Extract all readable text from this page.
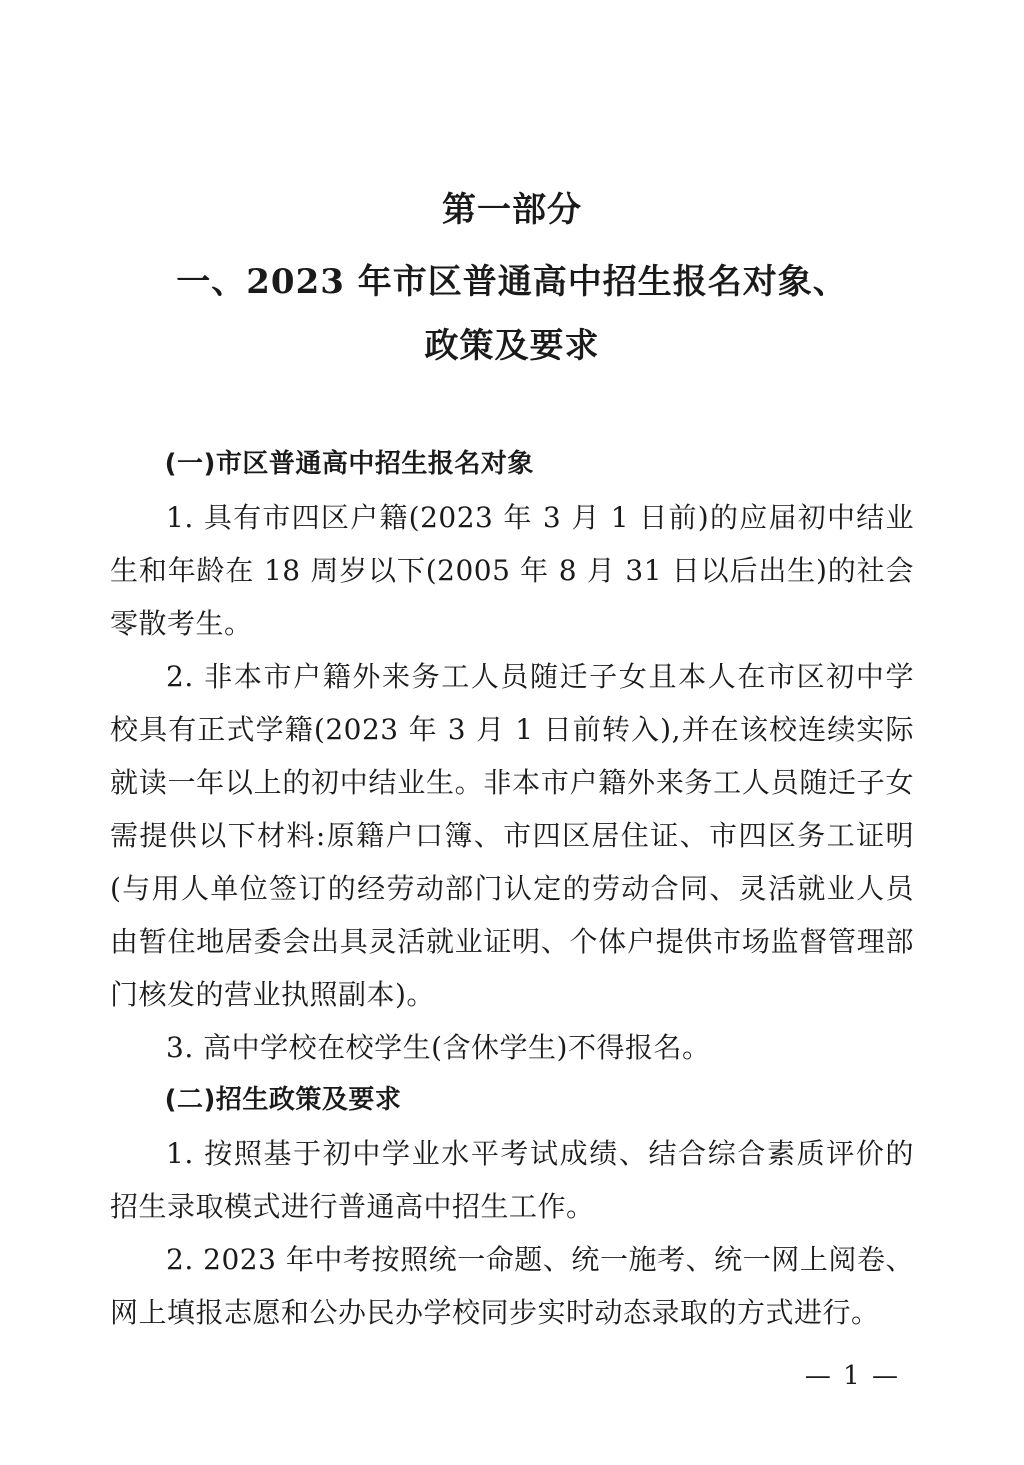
第一部分
一、2023 年市区普通高中招生报名对象、
政策及要求

(一)市区普通高中招生报名对象

1. 具有市四区户籍(2023 年 3 月 1 日前)的应届初中结业生和年龄在 18 周岁以下(2005 年 8 月 31 日以后出生)的社会零散考生。

2. 非本市户籍外来务工人员随迁子女且本人在市区初中学校具有正式学籍(2023 年 3 月 1 日前转入),并在该校连续实际就读一年以上的初中结业生。非本市户籍外来务工人员随迁子女需提供以下材料:原籍户口簿、市四区居住证、市四区务工证明(与用人单位签订的经劳动部门认定的劳动合同、灵活就业人员由暂住地居委会出具灵活就业证明、个体户提供市场监督管理部门核发的营业执照副本)。

3. 高中学校在校学生(含休学生)不得报名。

(二)招生政策及要求

1. 按照基于初中学业水平考试成绩、结合综合素质评价的招生录取模式进行普通高中招生工作。

2. 2023 年中考按照统一命题、统一施考、统一网上阅卷、网上填报志愿和公办民办学校同步实时动态录取的方式进行。

— 1 —
